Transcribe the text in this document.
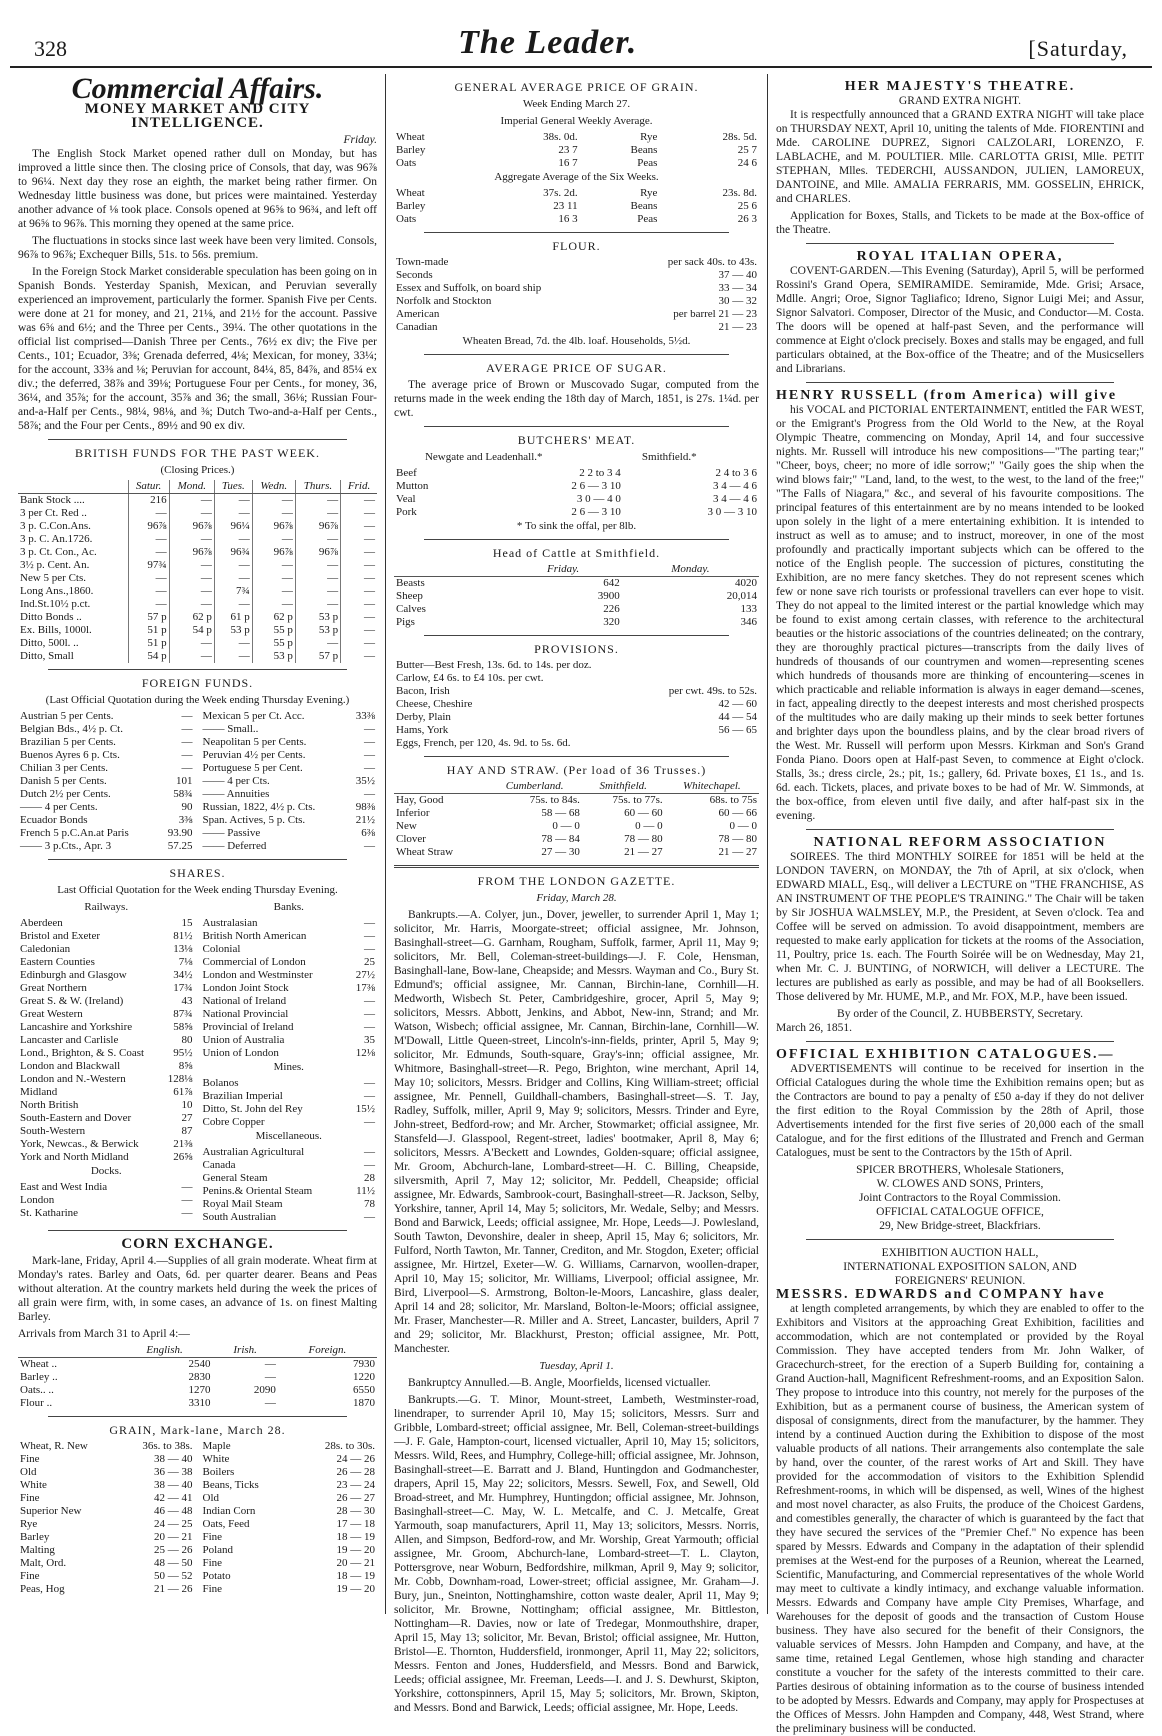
328	The Leader.	[Saturday,
Commercial Affairs.
MONEY MARKET AND CITY INTELLIGENCE.
Friday.

The English Stock Market opened rather dull on Monday, but has improved a little since then. The closing price of Consols, that day, was 96⅞ to 96¼. Next day they rose an eighth, the market being rather firmer. On Wednesday little business was done, but prices were maintained. Yesterday another advance of ⅛ took place. Consols opened at 96⅝ to 96¾, and left off at 96⅝ to 96⅞. This morning they opened at the same price.

The fluctuations in stocks since last week have been very limited. Consols, 96⅞ to 96⅞; Exchequer Bills, 51s. to 56s. premium.

In the Foreign Stock Market considerable speculation has been going on in Spanish Bonds. Yesterday Spanish, Mexican, and Peruvian severally experienced an improvement, particularly the former. Spanish Five per Cents. were done at 21 for money, and 21, 21⅛, and 21½ for the account. Passive was 6⅝ and 6½; and the Three per Cents., 39¼. The other quotations in the official list comprised—Danish Three per Cents., 76½ ex div; the Five per Cents., 101; Ecuador, 3⅜; Grenada deferred, 4⅛; Mexican, for money, 33¼; for the account, 33⅜ and ⅛; Peruvian for account, 84¼, 85, 84⅞, and 85¼ ex div.; the deferred, 38⅞ and 39⅛; Portuguese Four per Cents., for money, 36, 36¼, and 35⅞; for the account, 35⅞ and 36; the small, 36⅛; Russian Four-and-a-Half per Cents., 98¼, 98⅛, and ⅜; Dutch Two-and-a-Half per Cents., 58⅞; and the Four per Cents., 89½ and 90 ex div.

BRITISH FUNDS FOR THE PAST WEEK.
(Closing Prices.)
	Satur.	Mond.	Tues.	Wedn.	Thurs.	Frid.
Bank Stock ....	216	—	—	—	—	—
3 per Ct. Red ..	—	—	—	—	—	—
3 p. C.Con.Ans.	96⅞	96⅞	96¼	96⅞	96⅞	—
3 p. C. An.1726.	—	—	—	—	—	—
3 p. Ct. Con., Ac.	—	96⅞	96¾	96⅞	96⅞	—
3½ p. Cent. An.	97¾	—	—	—	—	—
New 5 per Cts.	—	—	—	—	—	—
Long Ans.,1860.	—	—	7¾	—	—	—
Ind.St.10½ p.ct.	—	—	—	—	—	—
Ditto Bonds ..	57 p	62 p	61 p	62 p	53 p	—
Ex. Bills, 1000l.	51 p	54 p	53 p	55 p	53 p	—
Ditto, 500l. ..	51 p	—	—	55 p	—	—
Ditto, Small	54 p	—	—	53 p	57 p	—
FOREIGN FUNDS.
(Last Official Quotation during the Week ending Thursday Evening.)
Austrian 5 per Cents.	—
Belgian Bds., 4½ p. Ct.	—
Brazilian 5 per Cents.	—
Buenos Ayres 6 p. Cts.	—
Chilian 3 per Cents.	—
Danish 5 per Cents.	101
Dutch 2½ per Cents.	58¾
—— 4 per Cents.	90
Ecuador Bonds	3⅜
French 5 p.C.An.at Paris	93.90
—— 3 p.Cts., Apr. 3	57.25
Mexican 5 per Ct. Acc.	33⅜
—— Small..	—
Neapolitan 5 per Cents.	—
Peruvian 4½ per Cents.	—
Portuguese 5 per Cent.	—
—— 4 per Cts.	35½
—— Annuities	—
Russian, 1822, 4½ p. Cts.	98⅜
Span. Actives, 5 p. Cts.	21½
—— Passive	6⅜
—— Deferred	—
SHARES.
Last Official Quotation for the Week ending Thursday Evening.
Railways.
Aberdeen	15
Bristol and Exeter	81½
Caledonian	13⅛
Eastern Counties	7⅛
Edinburgh and Glasgow	34½
Great Northern	17¾
Great S. & W. (Ireland)	43
Great Western	87¾
Lancashire and Yorkshire	58⅝
Lancaster and Carlisle	80
Lond., Brighton, & S. Coast	95½
London and Blackwall	8⅝
London and N.-Western	128⅛
Midland	61⅞
North British	10
South-Eastern and Dover	27
South-Western	87
York, Newcas., & Berwick	21⅜
York and North Midland	26⅝
Docks.
East and West India	—
London	—
St. Katharine	—
Banks.
Australasian	—
British North American	—
Colonial	—
Commercial of London	25
London and Westminster	27½
London Joint Stock	17⅜
National of Ireland	—
National Provincial	—
Provincial of Ireland	—
Union of Australia	35
Union of London	12⅛
Mines.
Bolanos	—
Brazilian Imperial	—
Ditto, St. John del Rey	15½
Cobre Copper	—
Miscellaneous.
Australian Agricultural	—
Canada	—
General Steam	28
Penins.& Oriental Steam	11½
Royal Mail Steam	78
South Australian	—
CORN EXCHANGE.

Mark-lane, Friday, April 4.—Supplies of all grain moderate. Wheat firm at Monday's rates. Barley and Oats, 6d. per quarter dearer. Beans and Peas without alteration. At the country markets held during the week the prices of all grain were firm, with, in some cases, an advance of 1s. on finest Malting Barley.

Arrivals from March 31 to April 4:—
	English.	Irish.	Foreign.
Wheat ..	2540	—	7930
Barley ..	2830	—	1220
Oats.. ..	1270	2090	6550
Flour ..	3310	—	1870
GRAIN, Mark-lane, March 28.
Wheat, R. New	36s. to 38s.
Fine	38 — 40
Old	36 — 38
White	38 — 40
Fine	42 — 41
Superior New	46 — 48
Rye	24 — 25
Barley	20 — 21
Malting	25 — 26
Malt, Ord.	48 — 50
Fine	50 — 52
Peas, Hog	21 — 26
Maple	28s. to 30s.
White	24 — 26
Boilers	26 — 28
Beans, Ticks	23 — 24
Old	26 — 27
Indian Corn	28 — 30
Oats, Feed	17 — 18
Fine	18 — 19
Poland	19 — 20
Fine	20 — 21
Potato	18 — 19
Fine	19 — 20
GENERAL AVERAGE PRICE OF GRAIN.
Week Ending March 27.
Imperial General Weekly Average.
Wheat	38s. 0d.	Rye	28s. 5d.
Barley	23 7	Beans	25 7
Oats	16 7	Peas	24 6
Aggregate Average of the Six Weeks.
Wheat	37s. 2d.	Rye	23s. 8d.
Barley	23 11	Beans	25 6
Oats	16 3	Peas	26 3
FLOUR.
Town-made	per sack 40s. to 43s.
Seconds	37 — 40
Essex and Suffolk, on board ship	33 — 34
Norfolk and Stockton	30 — 32
American	per barrel 21 — 23
Canadian	21 — 23
Wheaten Bread, 7d. the 4lb. loaf. Households, 5½d.
AVERAGE PRICE OF SUGAR.

The average price of Brown or Muscovado Sugar, computed from the returns made in the week ending the 18th day of March, 1851, is 27s. 1¼d. per cwt.

BUTCHERS' MEAT.
Newgate and Leadenhall.*	Smithfield.*
Beef	2 2 to 3 4	2 4 to 3 6
Mutton	2 6 — 3 10	3 4 — 4 6
Veal	3 0 — 4 0	3 4 — 4 6
Pork	2 6 — 3 10	3 0 — 3 10
* To sink the offal, per 8lb.
Head of Cattle at Smithfield.
	Friday.	Monday.
Beasts	642	4020
Sheep	3900	20,014
Calves	226	133
Pigs	320	346
PROVISIONS.
Butter—Best Fresh, 13s. 6d. to 14s. per doz.	
Carlow, £4 6s. to £4 10s. per cwt.	
Bacon, Irish	per cwt. 49s. to 52s.
Cheese, Cheshire	42 — 60
Derby, Plain	44 — 54
Hams, York	56 — 65
Eggs, French, per 120, 4s. 9d. to 5s. 6d.	
HAY AND STRAW. (Per load of 36 Trusses.)
	Cumberland.	Smithfield.	Whitechapel.
Hay, Good	75s. to 84s.	75s. to 77s.	68s. to 75s
Inferior	58 — 68	60 — 60	60 — 66
New	0 — 0	0 — 0	0 — 0
Clover	78 — 84	78 — 80	78 — 80
Wheat Straw	27 — 30	21 — 27	21 — 27
FROM THE LONDON GAZETTE.
Friday, March 28.

Bankrupts.—A. Colyer, jun., Dover, jeweller, to surrender April 1, May 1; solicitor, Mr. Harris, Moorgate-street; official assignee, Mr. Johnson, Basinghall-street—G. Garnham, Rougham, Suffolk, farmer, April 11, May 9; solicitors, Mr. Bell, Coleman-street-buildings—J. F. Cole, Hensman, Basinghall-lane, Bow-lane, Cheapside; and Messrs. Wayman and Co., Bury St. Edmund's; official assignee, Mr. Cannan, Birchin-lane, Cornhill—H. Medworth, Wisbech St. Peter, Cambridgeshire, grocer, April 5, May 9; solicitors, Messrs. Abbott, Jenkins, and Abbot, New-inn, Strand; and Mr. Watson, Wisbech; official assignee, Mr. Cannan, Birchin-lane, Cornhill—W. M'Dowall, Little Queen-street, Lincoln's-inn-fields, printer, April 5, May 9; solicitor, Mr. Edmunds, South-square, Gray's-inn; official assignee, Mr. Whitmore, Basinghall-street—R. Pego, Brighton, wine merchant, April 14, May 10; solicitors, Messrs. Bridger and Collins, King William-street; official assignee, Mr. Pennell, Guildhall-chambers, Basinghall-street—S. T. Jay, Radley, Suffolk, miller, April 9, May 9; solicitors, Messrs. Trinder and Eyre, John-street, Bedford-row; and Mr. Archer, Stowmarket; official assignee, Mr. Stansfeld—J. Glasspool, Regent-street, ladies' bootmaker, April 8, May 6; solicitors, Messrs. A'Beckett and Lowndes, Golden-square; official assignee, Mr. Groom, Abchurch-lane, Lombard-street—H. C. Billing, Cheapside, silversmith, April 7, May 12; solicitor, Mr. Peddell, Cheapside; official assignee, Mr. Edwards, Sambrook-court, Basinghall-street—R. Jackson, Selby, Yorkshire, tanner, April 14, May 5; solicitors, Mr. Wedale, Selby; and Messrs. Bond and Barwick, Leeds; official assignee, Mr. Hope, Leeds—J. Powlesland, South Tawton, Devonshire, dealer in sheep, April 15, May 6; solicitors, Mr. Fulford, North Tawton, Mr. Tanner, Crediton, and Mr. Stogdon, Exeter; official assignee, Mr. Hirtzel, Exeter—W. G. Williams, Carnarvon, woollen-draper, April 10, May 15; solicitor, Mr. Williams, Liverpool; official assignee, Mr. Bird, Liverpool—S. Armstrong, Bolton-le-Moors, Lancashire, glass dealer, April 14 and 28; solicitor, Mr. Marsland, Bolton-le-Moors; official assignee, Mr. Fraser, Manchester—R. Miller and A. Street, Lancaster, builders, April 7 and 29; solicitor, Mr. Blackhurst, Preston; official assignee, Mr. Pott, Manchester.

Tuesday, April 1.

Bankruptcy Annulled.—B. Angle, Moorfields, licensed victualler.

Bankrupts.—G. T. Minor, Mount-street, Lambeth, Westminster-road, linendraper, to surrender April 10, May 15; solicitors, Messrs. Surr and Gribble, Lombard-street; official assignee, Mr. Bell, Coleman-street-buildings—J. F. Gale, Hampton-court, licensed victualler, April 10, May 15; solicitors, Messrs. Wild, Rees, and Humphry, College-hill; official assignee, Mr. Johnson, Basinghall-street—E. Barratt and J. Bland, Huntingdon and Godmanchester, drapers, April 15, May 22; solicitors, Messrs. Sewell, Fox, and Sewell, Old Broad-street, and Mr. Humphrey, Huntingdon; official assignee, Mr. Johnson, Basinghall-street—C. May, W. L. Metcalfe, and C. J. Metcalfe, Great Yarmouth, soap manufacturers, April 11, May 13; solicitors, Messrs. Norris, Allen, and Simpson, Bedford-row, and Mr. Worship, Great Yarmouth; official assignee, Mr. Groom, Abchurch-lane, Lombard-street—T. L. Clayton, Pottersgrove, near Woburn, Bedfordshire, milkman, April 9, May 9; solicitor, Mr. Cobb, Downham-road, Lower-street; official assignee, Mr. Graham—J. Bury, jun., Sneinton, Nottinghamshire, cotton waste dealer, April 11, May 9; solicitor, Mr. Browne, Nottingham; official assignee, Mr. Bittleston, Nottingham—R. Davies, now or late of Tredegar, Monmouthshire, draper, April 15, May 13; solicitor, Mr. Bevan, Bristol; official assignee, Mr. Hutton, Bristol—E. Thornton, Huddersfield, ironmonger, April 11, May 22; solicitors, Messrs. Fenton and Jones, Huddersfield, and Messrs. Bond and Barwick, Leeds; official assignee, Mr. Freeman, Leeds—I. and J. S. Dewhurst, Skipton, Yorkshire, cottonspinners, April 15, May 5; solicitors, Mr. Brown, Skipton, and Messrs. Bond and Barwick, Leeds; official assignee, Mr. Hope, Leeds.

HER MAJESTY'S THEATRE.
GRAND EXTRA NIGHT.

It is respectfully announced that a GRAND EXTRA NIGHT will take place on THURSDAY NEXT, April 10, uniting the talents of Mde. FIORENTINI and Mde. CAROLINE DUPREZ, Signori CALZOLARI, LORENZO, F. LABLACHE, and M. POULTIER. Mlle. CARLOTTA GRISI, Mlle. PETIT STEPHAN, Mlles. TEDERCHI, AUSSANDON, JULIEN, LAMOREUX, DANTOINE, and Mlle. AMALIA FERRARIS, MM. GOSSELIN, EHRICK, and CHARLES.

Application for Boxes, Stalls, and Tickets to be made at the Box-office of the Theatre.

ROYAL ITALIAN OPERA,

COVENT-GARDEN.—This Evening (Saturday), April 5, will be performed Rossini's Grand Opera, SEMIRAMIDE. Semiramide, Mde. Grisi; Arsace, Mdlle. Angri; Oroe, Signor Tagliafico; Idreno, Signor Luigi Mei; and Assur, Signor Salvatori. Composer, Director of the Music, and Conductor—M. Costa. The doors will be opened at half-past Seven, and the performance will commence at Eight o'clock precisely. Boxes and stalls may be engaged, and full particulars obtained, at the Box-office of the Theatre; and of the Musicsellers and Librarians.

HENRY RUSSELL (from America) will give

his VOCAL and PICTORIAL ENTERTAINMENT, entitled the FAR WEST, or the Emigrant's Progress from the Old World to the New, at the Royal Olympic Theatre, commencing on Monday, April 14, and four successive nights. Mr. Russell will introduce his new compositions—"The parting tear;" "Cheer, boys, cheer; no more of idle sorrow;" "Gaily goes the ship when the wind blows fair;" "Land, land, to the west, to the west, to the land of the free;" "The Falls of Niagara," &c., and several of his favourite compositions. The principal features of this entertainment are by no means intended to be looked upon solely in the light of a mere entertaining exhibition. It is intended to instruct as well as to amuse; and to instruct, moreover, in one of the most profoundly and practically important subjects which can be offered to the notice of the English people. The succession of pictures, constituting the Exhibition, are no mere fancy sketches. They do not represent scenes which few or none save rich tourists or professional travellers can ever hope to visit. They do not appeal to the limited interest or the partial knowledge which may be found to exist among certain classes, with reference to the architectural beauties or the historic associations of the countries delineated; on the contrary, they are thoroughly practical pictures—transcripts from the daily lives of hundreds of thousands of our countrymen and women—representing scenes which hundreds of thousands more are thinking of encountering—scenes in which practicable and reliable information is always in eager demand—scenes, in fact, appealing directly to the deepest interests and most cherished prospects of the multitudes who are daily making up their minds to seek better fortunes and brighter days upon the boundless plains, and by the clear broad rivers of the West. Mr. Russell will perform upon Messrs. Kirkman and Son's Grand Fonda Piano. Doors open at Half-past Seven, to commence at Eight o'clock. Stalls, 3s.; dress circle, 2s.; pit, 1s.; gallery, 6d. Private boxes, £1 1s., and 1s. 6d. each. Tickets, places, and private boxes to be had of Mr. W. Simmonds, at the box-office, from eleven until five daily, and after half-past six in the evening.

NATIONAL REFORM ASSOCIATION

SOIREES. The third MONTHLY SOIREE for 1851 will be held at the LONDON TAVERN, on MONDAY, the 7th of April, at six o'clock, when EDWARD MIALL, Esq., will deliver a LECTURE on "THE FRANCHISE, AS AN INSTRUMENT OF THE PEOPLE'S TRAINING." The Chair will be taken by Sir JOSHUA WALMSLEY, M.P., the President, at Seven o'clock. Tea and Coffee will be served on admission. To avoid disappointment, members are requested to make early application for tickets at the rooms of the Association, 11, Poultry, price 1s. each. The Fourth Soirée will be on Wednesday, May 21, when Mr. C. J. BUNTING, of NORWICH, will deliver a LECTURE. The lectures are published as early as possible, and may be had of all Booksellers. Those delivered by Mr. HUME, M.P., and Mr. FOX, M.P., have been issued.

By order of the Council, Z. HUBBERSTY, Secretary.
March 26, 1851.
OFFICIAL EXHIBITION CATALOGUES.—

ADVERTISEMENTS will continue to be received for insertion in the Official Catalogues during the whole time the Exhibition remains open; but as the Contractors are bound to pay a penalty of £50 a-day if they do not deliver the first edition to the Royal Commission by the 28th of April, those Advertisements intended for the first five series of 20,000 each of the small Catalogue, and for the first editions of the Illustrated and French and German Catalogues, must be sent to the Contractors by the 15th of April.

SPICER BROTHERS, Wholesale Stationers,
W. CLOWES AND SONS, Printers,
Joint Contractors to the Royal Commission.
OFFICIAL CATALOGUE OFFICE,
29, New Bridge-street, Blackfriars.
EXHIBITION AUCTION HALL,
INTERNATIONAL EXPOSITION SALON, AND
FOREIGNERS' REUNION.
MESSRS. EDWARDS and COMPANY have

at length completed arrangements, by which they are enabled to offer to the Exhibitors and Visitors at the approaching Great Exhibition, facilities and accommodation, which are not contemplated or provided by the Royal Commission. They have accepted tenders from Mr. John Walker, of Gracechurch-street, for the erection of a Superb Building for, containing a Grand Auction-hall, Magnificent Refreshment-rooms, and an Exposition Salon. They propose to introduce into this country, not merely for the purposes of the Exhibition, but as a permanent course of business, the American system of disposal of consignments, direct from the manufacturer, by the hammer. They intend by a continued Auction during the Exhibition to dispose of the most valuable products of all nations. Their arrangements also contemplate the sale by hand, over the counter, of the rarest works of Art and Skill. They have provided for the accommodation of visitors to the Exhibition Splendid Refreshment-rooms, in which will be dispensed, as well, Wines of the highest and most novel character, as also Fruits, the produce of the Choicest Gardens, and comestibles generally, the character of which is guaranteed by the fact that they have secured the services of the "Premier Chef." No expence has been spared by Messrs. Edwards and Company in the adaptation of their splendid premises at the West-end for the purposes of a Reunion, whereat the Learned, Scientific, Manufacturing, and Commercial representatives of the whole World may meet to cultivate a kindly intimacy, and exchange valuable information. Messrs. Edwards and Company have ample City Premises, Wharfage, and Warehouses for the deposit of goods and the transaction of Custom House business. They have also secured for the benefit of their Consignors, the valuable services of Messrs. John Hampden and Company, and have, at the same time, retained Legal Gentlemen, whose high standing and character constitute a voucher for the safety of the interests committed to their care. Parties desirous of obtaining information as to the course of business intended to be adopted by Messrs. Edwards and Company, may apply for Prospectuses at the Offices of Messrs. John Hampden and Company, 448, West Strand, where the preliminary business will be conducted.
